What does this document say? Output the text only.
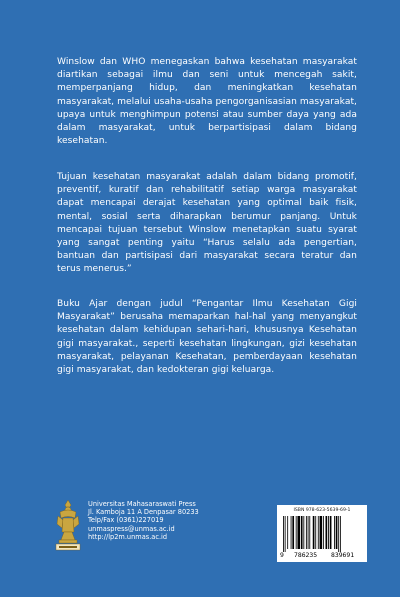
Winslow dan WHO menegaskan bahwa kesehatan masyarakat diartikan sebagai ilmu dan seni untuk mencegah sakit, memperpanjang hidup, dan meningkatkan kesehatan masyarakat, melalui usaha-usaha pengorganisasian masyarakat, upaya untuk menghimpun potensi atau sumber daya yang ada dalam masyarakat, untuk berpartisipasi dalam bidang kesehatan.
Tujuan kesehatan masyarakat adalah dalam bidang promotif, preventif, kuratif dan rehabilitatif setiap warga masyarakat dapat mencapai derajat kesehatan yang optimal baik fisik, mental, sosial serta diharapkan berumur panjang. Untuk mencapai tujuan tersebut Winslow menetapkan suatu syarat yang sangat penting yaitu “Harus selalu ada pengertian, bantuan dan partisipasi dari masyarakat secara teratur dan terus menerus.”
Buku Ajar dengan judul “Pengantar Ilmu Kesehatan Gigi Masyarakat” berusaha memaparkan hal-hal yang menyangkut kesehatan dalam kehidupan sehari-hari, khususnya Kesehatan gigi masyarakat., seperti kesehatan lingkungan, gizi kesehatan masyarakat, pelayanan Kesehatan, pemberdayaan kesehatan gigi masyarakat, dan kedokteran gigi keluarga.
Universitas Mahasaraswati Press
Jl. Kamboja 11 A Denpasar 80233
Telp/Fax (0361)227019
unmaspress@unmas.ac.id
http://lp2m.unmas.ac.id
ISBN 978-623-5639-69-1
9 786235 839691
